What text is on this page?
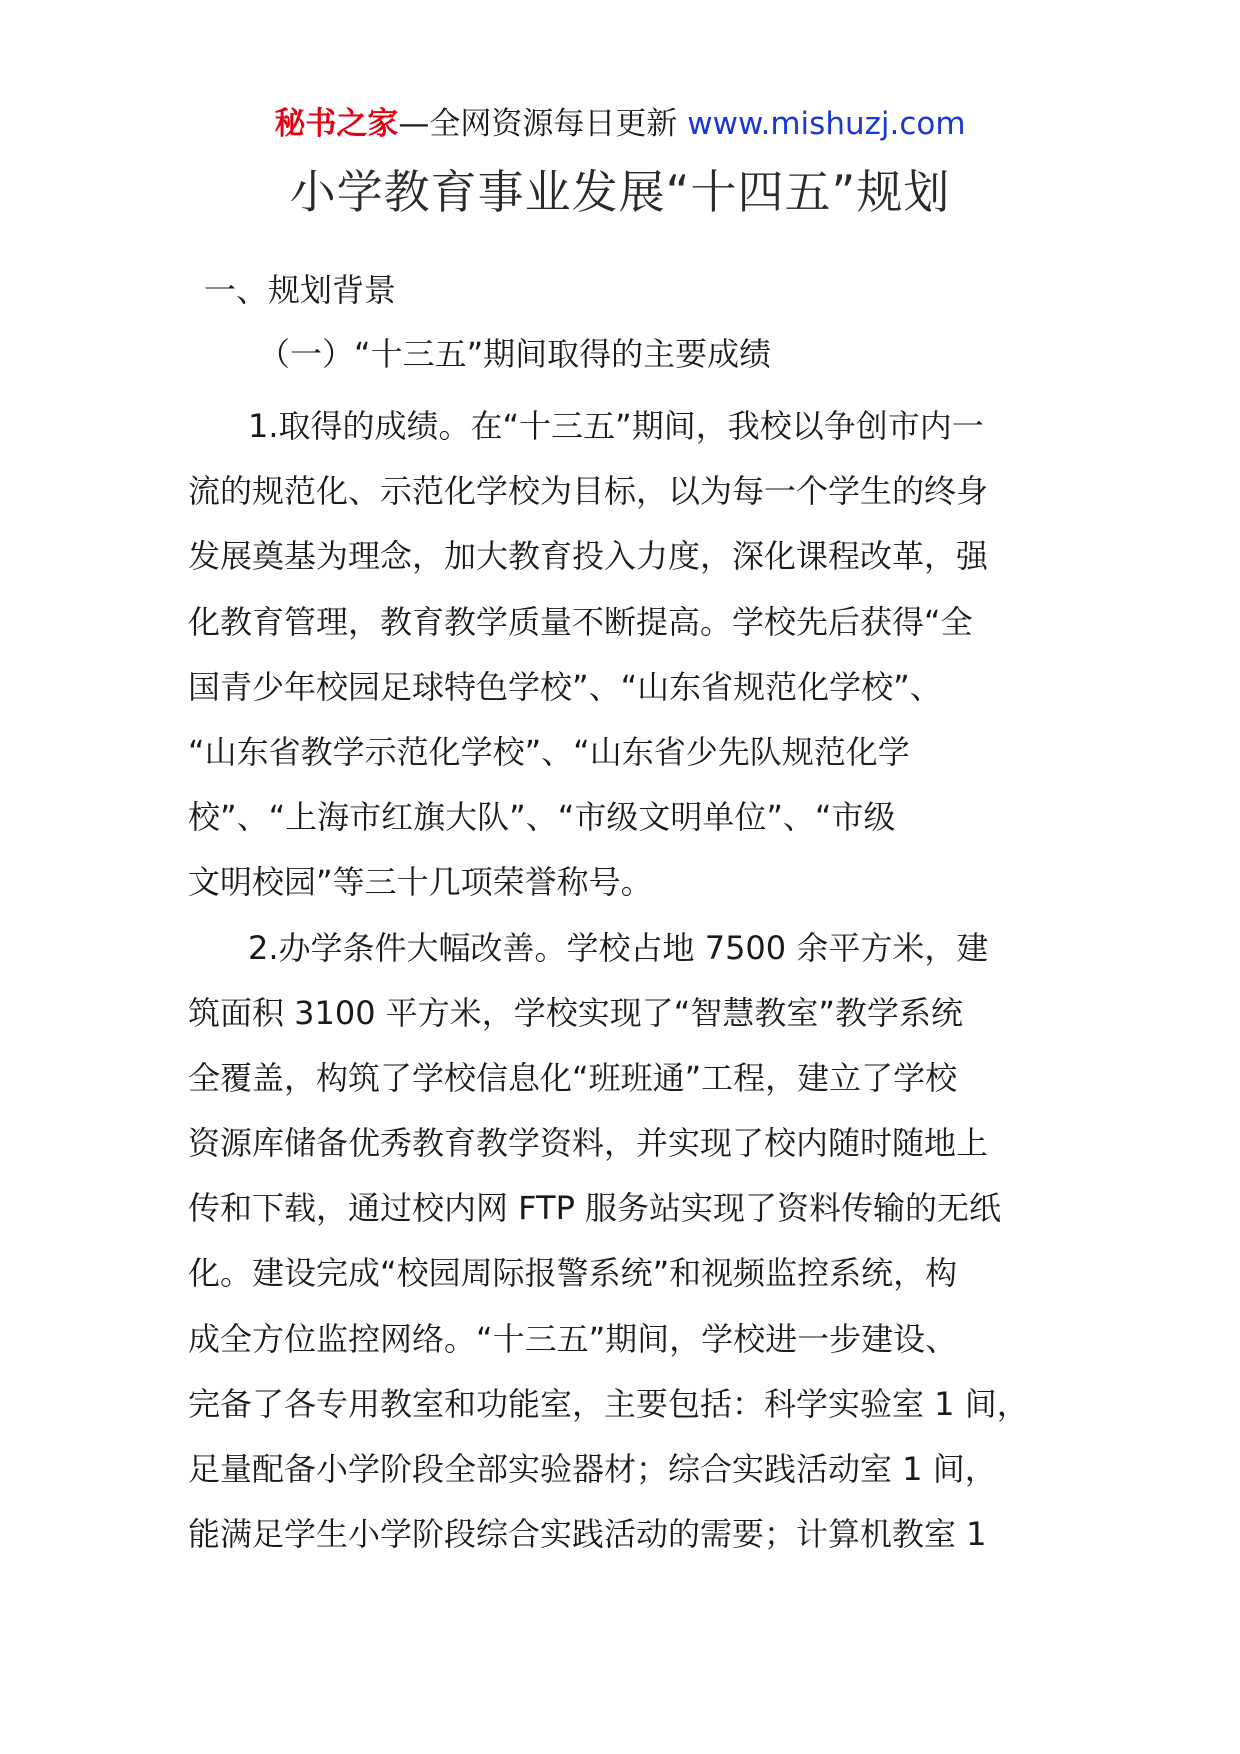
秘书之家—全网资源每日更新 www.mishuzj.com
小学教育事业发展“十四五”规划
一、规划背景
（一）“十三五”期间取得的主要成绩
1.取得的成绩。在“十三五”期间，我校以争创市内一
流的规范化、示范化学校为目标，以为每一个学生的终身
发展奠基为理念，加大教育投入力度，深化课程改革，强
化教育管理，教育教学质量不断提高。学校先后获得“全
国青少年校园足球特色学校”、“山东省规范化学校”、
“山东省教学示范化学校”、“山东省少先队规范化学
校”、“上海市红旗大队”、“市级文明单位”、“市级
文明校园”等三十几项荣誉称号。
2.办学条件大幅改善。学校占地 7500 余平方米，建
筑面积 3100 平方米，学校实现了“智慧教室”教学系统
全覆盖，构筑了学校信息化“班班通”工程，建立了学校
资源库储备优秀教育教学资料，并实现了校内随时随地上
传和下载，通过校内网 FTP 服务站实现了资料传输的无纸
化。建设完成“校园周际报警系统”和视频监控系统，构
成全方位监控网络。“十三五”期间，学校进一步建设、
完备了各专用教室和功能室，主要包括：科学实验室 1 间，
足量配备小学阶段全部实验器材；综合实践活动室 1 间，
能满足学生小学阶段综合实践活动的需要；计算机教室 1
